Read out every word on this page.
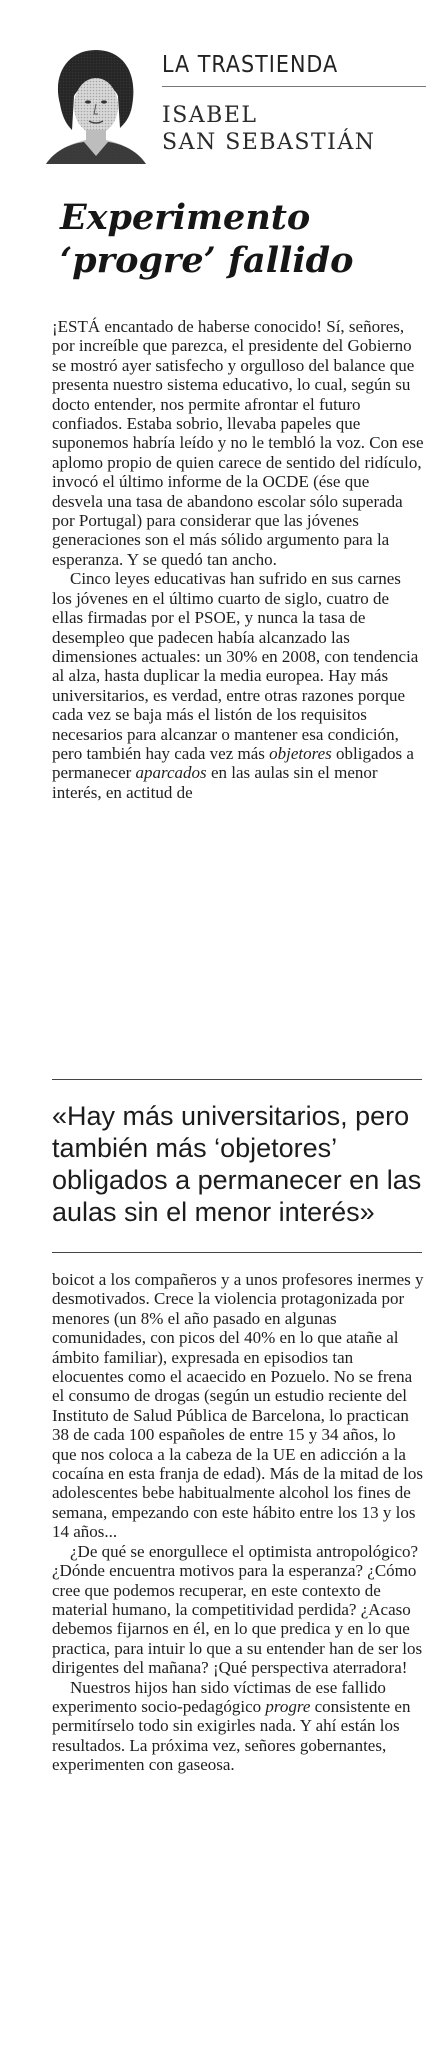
LA TRASTIENDA
ISABEL
SAN SEBASTIÁN
Experimento
‘progre’ fallido

¡ESTÁ encantado de haberse conocido! Sí, señores, por increíble que parezca, el presidente del Gobierno se mostró ayer satisfecho y orgulloso del balance que presenta nuestro sistema educativo, lo cual, según su docto entender, nos permite afrontar el futuro confiados. Estaba sobrio, llevaba papeles que suponemos habría leído y no le tembló la voz. Con ese aplomo propio de quien carece de sentido del ridículo, invocó el último informe de la OCDE (ése que desvela una tasa de abandono escolar sólo superada por Portugal) para considerar que las jóvenes generaciones son el más sólido argumento para la esperanza. Y se quedó tan ancho.

Cinco leyes educativas han sufrido en sus carnes los jóvenes en el último cuarto de siglo, cuatro de ellas firmadas por el PSOE, y nunca la tasa de desempleo que padecen había alcanzado las dimensiones actuales: un 30% en 2008, con tendencia al alza, hasta duplicar la media europea. Hay más universitarios, es verdad, entre otras razones porque cada vez se baja más el listón de los requisitos necesarios para alcanzar o mantener esa condición, pero también hay cada vez más objetores obligados a permanecer aparcados en las aulas sin el menor interés, en actitud de

«Hay más universitarios, pero también más ‘objetores’ obligados a permanecer en las aulas sin el menor interés»

boicot a los compañeros y a unos profesores inermes y desmotivados. Crece la violencia protagonizada por menores (un 8% el año pasado en algunas comunidades, con picos del 40% en lo que atañe al ámbito familiar), expresada en episodios tan elocuentes como el acaecido en Pozuelo. No se frena el consumo de drogas (según un estudio reciente del Instituto de Salud Pública de Barcelona, lo practican 38 de cada 100 españoles de entre 15 y 34 años, lo que nos coloca a la cabeza de la UE en adicción a la cocaína en esta franja de edad). Más de la mitad de los adolescentes bebe habitualmente alcohol los fines de semana, empezando con este hábito entre los 13 y los 14 años...

¿De qué se enorgullece el optimista antropológico? ¿Dónde encuentra motivos para la esperanza? ¿Cómo cree que podemos recuperar, en este contexto de material humano, la competitividad perdida? ¿Acaso debemos fijarnos en él, en lo que predica y en lo que practica, para intuir lo que a su entender han de ser los dirigentes del mañana? ¡Qué perspectiva aterradora!

Nuestros hijos han sido víctimas de ese fallido experimento socio-pedagógico progre consistente en permitírselo todo sin exigirles nada. Y ahí están los resultados. La próxima vez, señores gobernantes, experimenten con gaseosa.
